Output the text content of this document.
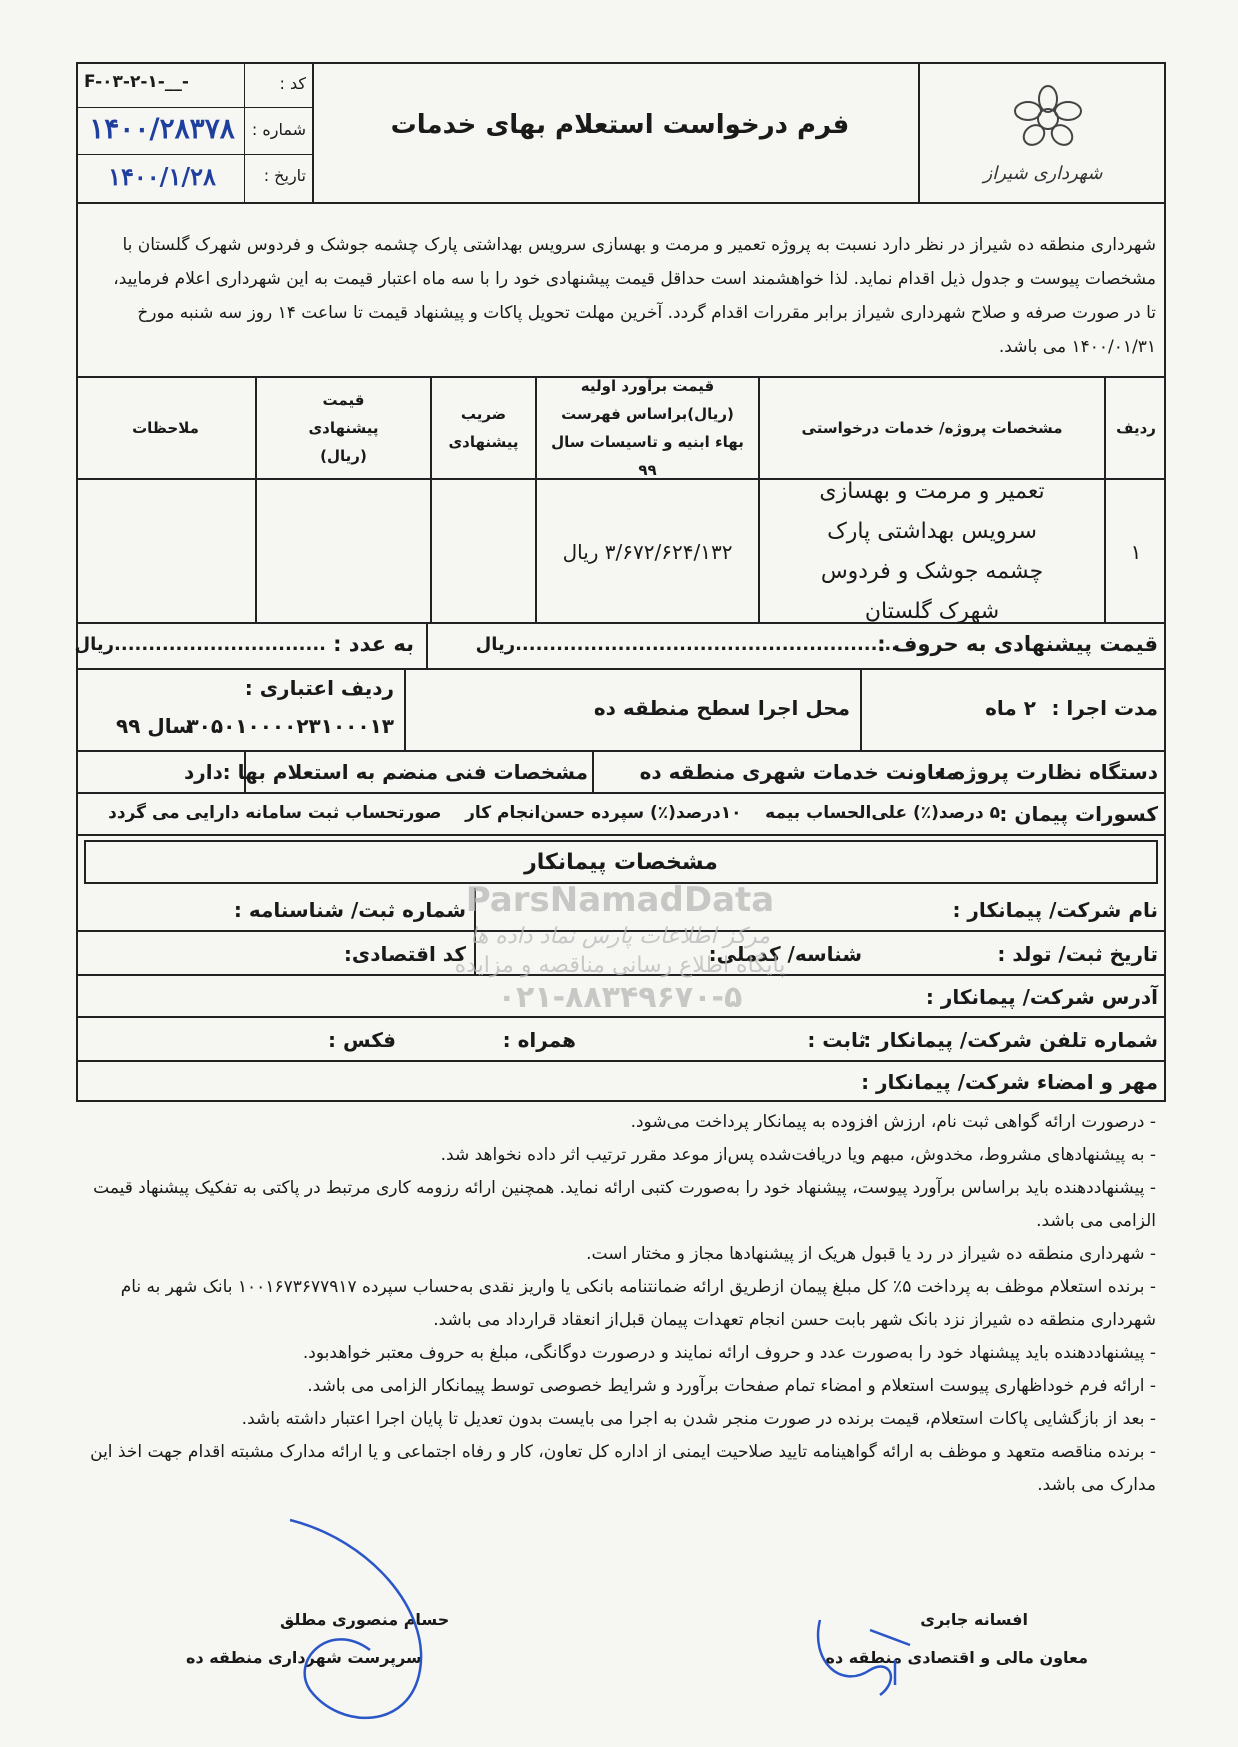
شهرداری شیراز
فرم درخواست استعلام بهای خدمات
کد :
شماره :
تاریخ :
F-۰۳-۲-۱-__-
۱۴۰۰/۲۸۳۷۸
۱۴۰۰/۱/۲۸
شهرداری منطقه ده شیراز در نظر دارد نسبت به پروژه تعمیر و مرمت و بهسازی سرویس بهداشتی پارک چشمه جوشک و فردوس شهرک گلستان با
مشخصات پیوست و جدول ذیل اقدام نماید. لذا خواهشمند است حداقل قیمت پیشنهادی خود را با سه ماه اعتبار قیمت به این شهرداری اعلام فرمایید،
تا در صورت صرفه و صلاح شهرداری شیراز برابر مقررات اقدام گردد. آخرین مهلت تحویل پاکات و پیشنهاد قیمت تا ساعت ۱۴ روز سه شنبه مورخ
۱۴۰۰/۰۱/۳۱ می باشد.
ردیف
مشخصات پروژه/ خدمات درخواستی
قیمت برآورد اولیه (ریال)براساس فهرست بهاء ابنیه و تاسیسات سال ۹۹
ضریب پیشنهادی
قیمت پیشنهادی (ریال)
ملاحظات
۱
تعمیر و مرمت و بهسازی سرویس بهداشتی پارک چشمه جوشک و فردوس شهرک گلستان
۳/۶۷۲/۶۲۴/۱۳۲ ریال
قیمت پیشنهادی به حروف :
........................................................ریال
به عدد :
...............................ریال
مدت اجرا :
۲ ماه
محل اجرا :
سطح منطقه ده
ردیف اعتباری :
۳۰۵۰۱۰۰۰۰۲۳۱۰۰۰۱۳
سال ۹۹
دستگاه نظارت پروژه :
معاونت خدمات شهری منطقه ده
مشخصات فنی منضم به استعلام بها :
دارد
کسورات پیمان :
۵ درصد(٪) علی‌الحساب بیمه    ۱۰درصد(٪) سپرده حسن‌انجام کار    صورتحساب ثبت سامانه دارایی می گردد
مشخصات پیمانکار
نام شرکت/ پیمانکار :
شماره ثبت/ شناسنامه :
تاریخ ثبت/ تولد :
شناسه/ کدملی:
کد اقتصادی:
آدرس شرکت/ پیمانکار :
شماره تلفن شرکت/ پیمانکار :
ثابت :
همراه :
فکس :
مهر و امضاء شرکت/ پیمانکار :
ParsNamadData
مرکز اطلاعات پارس نماد داده ها
پایگاه اطلاع رسانی مناقصه و مزایده
۰۲۱-۸۸۳۴۹۶۷۰-۵
- درصورت ارائه گواهی ثبت نام، ارزش افزوده به پیمانکار پرداخت می‌شود.
- به پیشنهادهای مشروط، مخدوش، مبهم ویا دریافت‌شده پس‌از موعد مقرر ترتیب اثر داده نخواهد شد.
- پیشنهاددهنده باید براساس برآورد پیوست، پیشنهاد خود را به‌صورت کتبی ارائه نماید. همچنین ارائه رزومه کاری مرتبط در پاکتی به تفکیک پیشنهاد قیمت الزامی می باشد.
- شهرداری منطقه ده شیراز در رد یا قبول هریک از پیشنهادها مجاز و مختار است.
- برنده استعلام موظف به پرداخت ۵٪ کل مبلغ پیمان ازطریق ارائه ضمانتنامه بانکی یا واریز نقدی به‌حساب سپرده ۱۰۰۱۶۷۳۶۷۷۹۱۷ بانک شهر به نام شهرداری منطقه ده شیراز نزد بانک شهر بابت حسن انجام تعهدات پیمان قبل‌از انعقاد قرارداد می باشد.
- پیشنهاددهنده باید پیشنهاد خود را به‌صورت عدد و حروف ارائه نمایند و درصورت دوگانگی، مبلغ به حروف معتبر خواهدبود.
- ارائه فرم خوداظهاری پیوست استعلام و امضاء تمام صفحات برآورد و شرایط خصوصی توسط پیمانکار الزامی می باشد.
- بعد از بازگشایی پاکات استعلام، قیمت برنده در صورت منجر شدن به اجرا می بایست بدون تعدیل تا پایان اجرا اعتبار داشته باشد.
- برنده مناقصه متعهد و موظف به ارائه گواهینامه تایید صلاحیت ایمنی از اداره کل تعاون، کار و رفاه اجتماعی و یا ارائه مدارک مشبته اقدام جهت اخذ این مدارک می باشد.
افسانه جابری
معاون مالی و اقتصادی منطقه ده
حسام منصوری مطلق
سرپرست شهرداری منطقه ده
